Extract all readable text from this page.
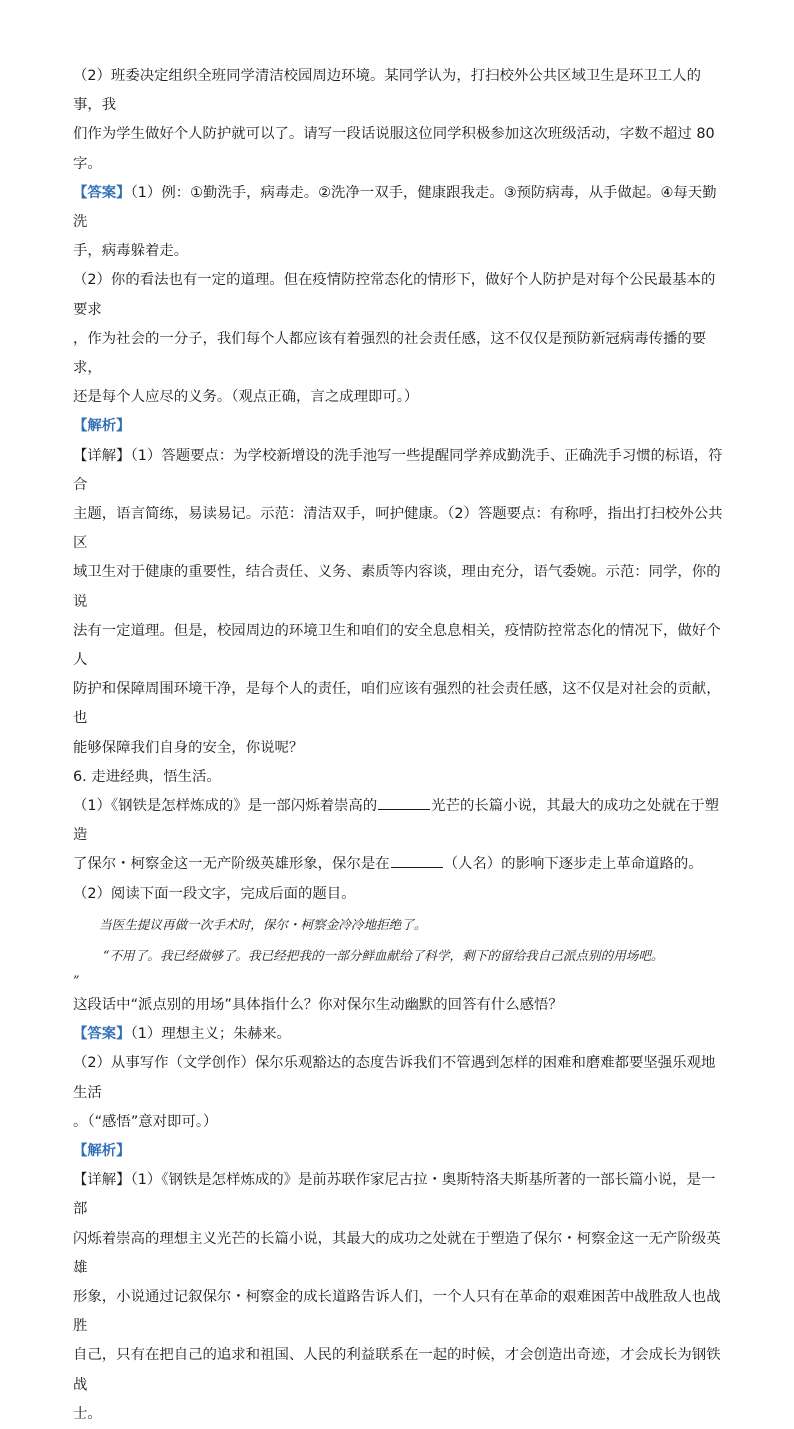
（2）班委决定组织全班同学清洁校园周边环境。某同学认为，打扫校外公共区域卫生是环卫工人的事，我

们作为学生做好个人防护就可以了。请写一段话说服这位同学积极参加这次班级活动，字数不超过 80字。

【答案】（1）例：①勤洗手，病毒走。②洗净一双手，健康跟我走。③预防病毒，从手做起。④每天勤洗

手，病毒躲着走。

（2）你的看法也有一定的道理。但在疫情防控常态化的情形下，做好个人防护是对每个公民最基本的要求

，作为社会的一分子，我们每个人都应该有着强烈的社会责任感，这不仅仅是预防新冠病毒传播的要求，

还是每个人应尽的义务。（观点正确，言之成理即可。）

【解析】

【详解】（1）答题要点：为学校新增设的洗手池写一些提醒同学养成勤洗手、正确洗手习惯的标语，符合

主题，语言简练，易读易记。示范：清洁双手，呵护健康。（2）答题要点：有称呼，指出打扫校外公共区

域卫生对于健康的重要性，结合责任、义务、素质等内容谈，理由充分，语气委婉。示范：同学，你的说

法有一定道理。但是，校园周边的环境卫生和咱们的安全息息相关，疫情防控常态化的情况下，做好个人

防护和保障周围环境干净，是每个人的责任，咱们应该有强烈的社会责任感，这不仅是对社会的贡献，也

能够保障我们自身的安全，你说呢？

6. 走进经典，悟生活。

（1）《钢铁是怎样炼成的》是一部闪烁着崇高的	光芒的长篇小说，其最大的成功之处就在于塑造

了保尔・柯察金这一无产阶级英雄形象，保尔是在	（人名）的影响下逐步走上革命道路的。

（2）阅读下面一段文字，完成后面的题目。

当医生提议再做一次手术时，保尔・柯察金冷冷地拒绝了。

“不用了。我已经做够了。我已经把我的一部分鲜血献给了科学，剩下的留给我自己派点别的用场吧。

”

这段话中“派点别的用场”具体指什么？你对保尔生动幽默的回答有什么感悟？

【答案】（1）理想主义；朱赫来。

（2）从事写作（文学创作）保尔乐观豁达的态度告诉我们不管遇到怎样的困难和磨难都要坚强乐观地生活

。（“感悟”意对即可。）

【解析】

【详解】（1）《钢铁是怎样炼成的》是前苏联作家尼古拉・奥斯特洛夫斯基所著的一部长篇小说，是一部

闪烁着崇高的理想主义光芒的长篇小说，其最大的成功之处就在于塑造了保尔・柯察金这一无产阶级英雄

形象，小说通过记叙保尔・柯察金的成长道路告诉人们，一个人只有在革命的艰难困苦中战胜敌人也战胜

自己，只有在把自己的追求和祖国、人民的利益联系在一起的时候，才会创造出奇迹，才会成长为钢铁战

士。
